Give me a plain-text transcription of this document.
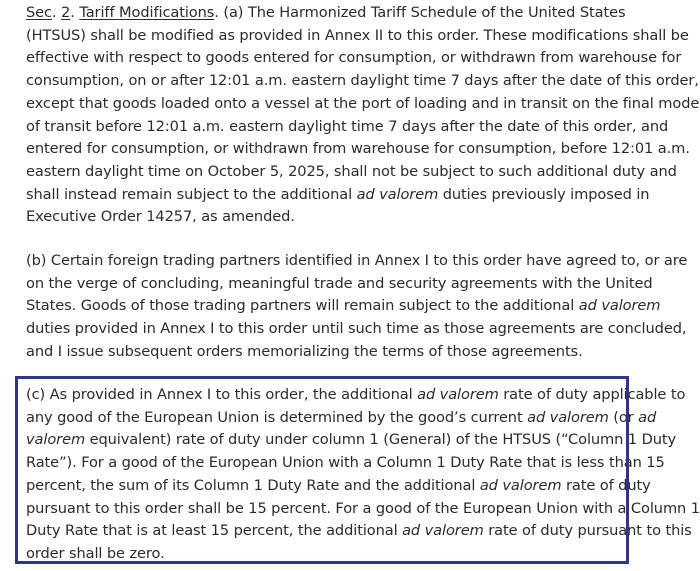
Sec. 2. Tariff Modifications. (a) The Harmonized Tariff Schedule of the United States
(HTSUS) shall be modified as provided in Annex II to this order. These modifications shall be
effective with respect to goods entered for consumption, or withdrawn from warehouse for
consumption, on or after 12:01 a.m. eastern daylight time 7 days after the date of this order,
except that goods loaded onto a vessel at the port of loading and in transit on the final mode
of transit before 12:01 a.m. eastern daylight time 7 days after the date of this order, and
entered for consumption, or withdrawn from warehouse for consumption, before 12:01 a.m.
eastern daylight time on October 5, 2025, shall not be subject to such additional duty and
shall instead remain subject to the additional ad valorem duties previously imposed in
Executive Order 14257, as amended.

(b) Certain foreign trading partners identified in Annex I to this order have agreed to, or are
on the verge of concluding, meaningful trade and security agreements with the United
States. Goods of those trading partners will remain subject to the additional ad valorem
duties provided in Annex I to this order until such time as those agreements are concluded,
and I issue subsequent orders memorializing the terms of those agreements.

(c) As provided in Annex I to this order, the additional ad valorem rate of duty applicable to
any good of the European Union is determined by the good’s current ad valorem (or ad
valorem equivalent) rate of duty under column 1 (General) of the HTSUS (“Column 1 Duty
Rate”). For a good of the European Union with a Column 1 Duty Rate that is less than 15
percent, the sum of its Column 1 Duty Rate and the additional ad valorem rate of duty
pursuant to this order shall be 15 percent. For a good of the European Union with a Column 1
Duty Rate that is at least 15 percent, the additional ad valorem rate of duty pursuant to this
order shall be zero.
